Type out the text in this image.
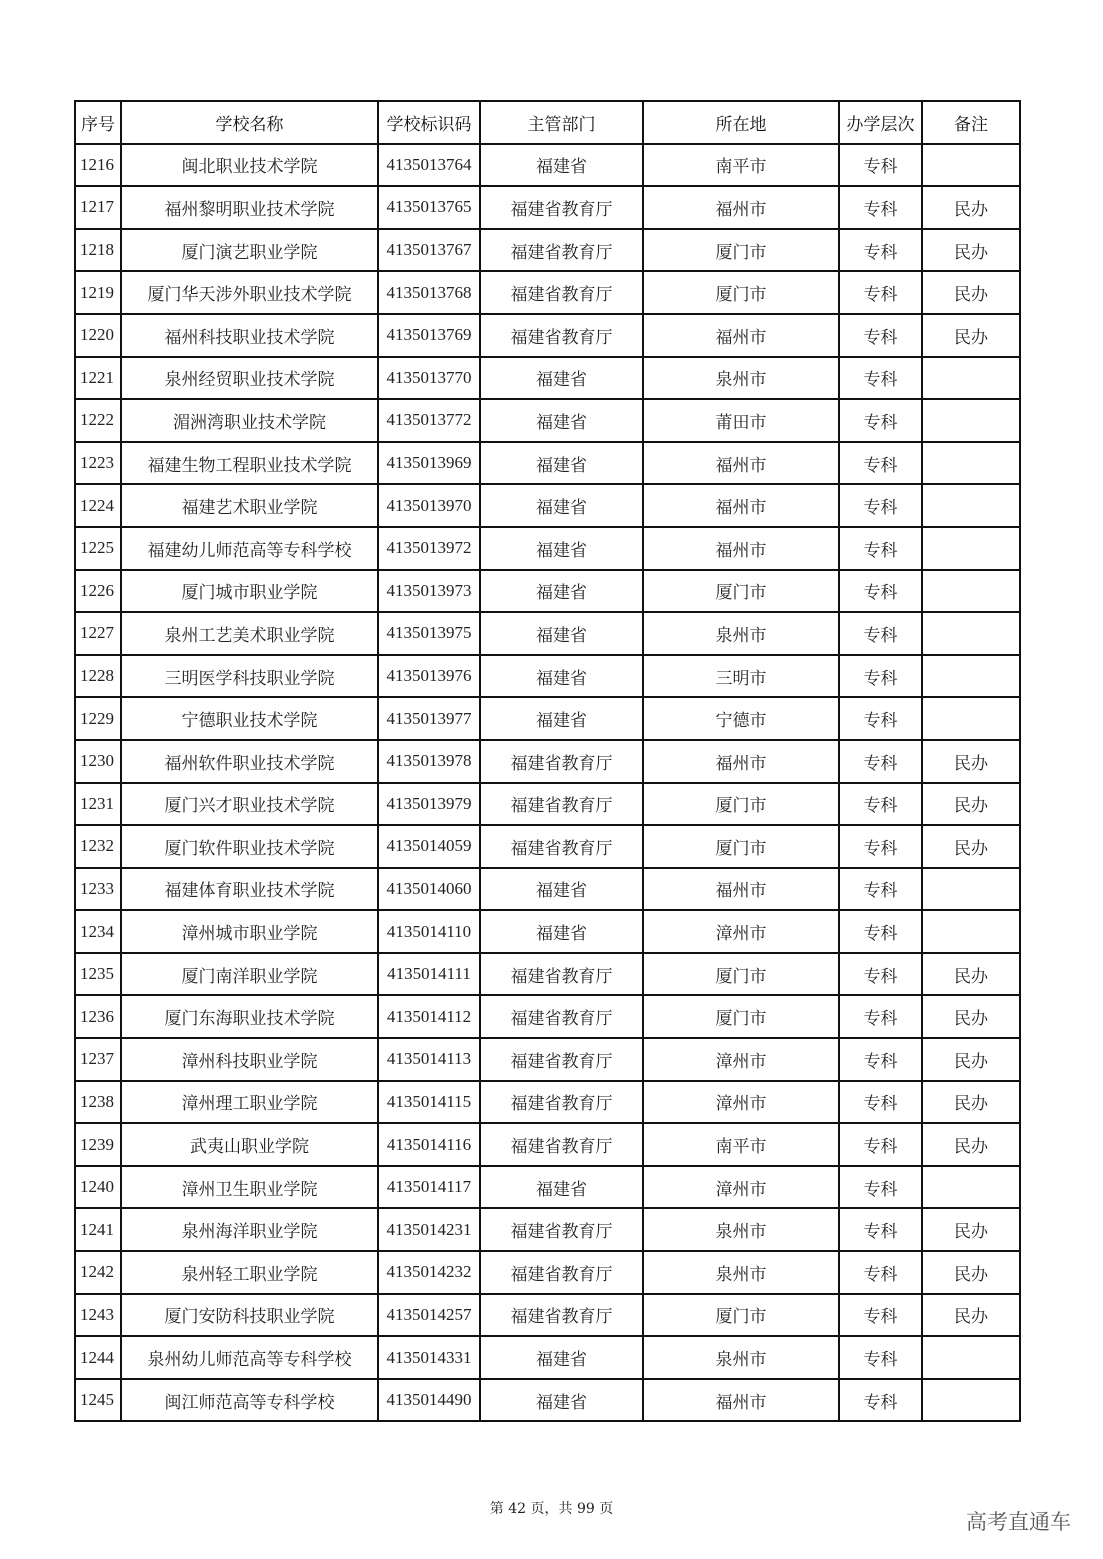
序号	学校名称	学校标识码	主管部门	所在地	办学层次	备注
1216	闽北职业技术学院	4135013764	福建省	南平市	专科	
1217	福州黎明职业技术学院	4135013765	福建省教育厅	福州市	专科	民办
1218	厦门演艺职业学院	4135013767	福建省教育厅	厦门市	专科	民办
1219	厦门华天涉外职业技术学院	4135013768	福建省教育厅	厦门市	专科	民办
1220	福州科技职业技术学院	4135013769	福建省教育厅	福州市	专科	民办
1221	泉州经贸职业技术学院	4135013770	福建省	泉州市	专科	
1222	湄洲湾职业技术学院	4135013772	福建省	莆田市	专科	
1223	福建生物工程职业技术学院	4135013969	福建省	福州市	专科	
1224	福建艺术职业学院	4135013970	福建省	福州市	专科	
1225	福建幼儿师范高等专科学校	4135013972	福建省	福州市	专科	
1226	厦门城市职业学院	4135013973	福建省	厦门市	专科	
1227	泉州工艺美术职业学院	4135013975	福建省	泉州市	专科	
1228	三明医学科技职业学院	4135013976	福建省	三明市	专科	
1229	宁德职业技术学院	4135013977	福建省	宁德市	专科	
1230	福州软件职业技术学院	4135013978	福建省教育厅	福州市	专科	民办
1231	厦门兴才职业技术学院	4135013979	福建省教育厅	厦门市	专科	民办
1232	厦门软件职业技术学院	4135014059	福建省教育厅	厦门市	专科	民办
1233	福建体育职业技术学院	4135014060	福建省	福州市	专科	
1234	漳州城市职业学院	4135014110	福建省	漳州市	专科	
1235	厦门南洋职业学院	4135014111	福建省教育厅	厦门市	专科	民办
1236	厦门东海职业技术学院	4135014112	福建省教育厅	厦门市	专科	民办
1237	漳州科技职业学院	4135014113	福建省教育厅	漳州市	专科	民办
1238	漳州理工职业学院	4135014115	福建省教育厅	漳州市	专科	民办
1239	武夷山职业学院	4135014116	福建省教育厅	南平市	专科	民办
1240	漳州卫生职业学院	4135014117	福建省	漳州市	专科	
1241	泉州海洋职业学院	4135014231	福建省教育厅	泉州市	专科	民办
1242	泉州轻工职业学院	4135014232	福建省教育厅	泉州市	专科	民办
1243	厦门安防科技职业学院	4135014257	福建省教育厅	厦门市	专科	民办
1244	泉州幼儿师范高等专科学校	4135014331	福建省	泉州市	专科	
1245	闽江师范高等专科学校	4135014490	福建省	福州市	专科	
第 42 页，共 99 页
高考直通车
